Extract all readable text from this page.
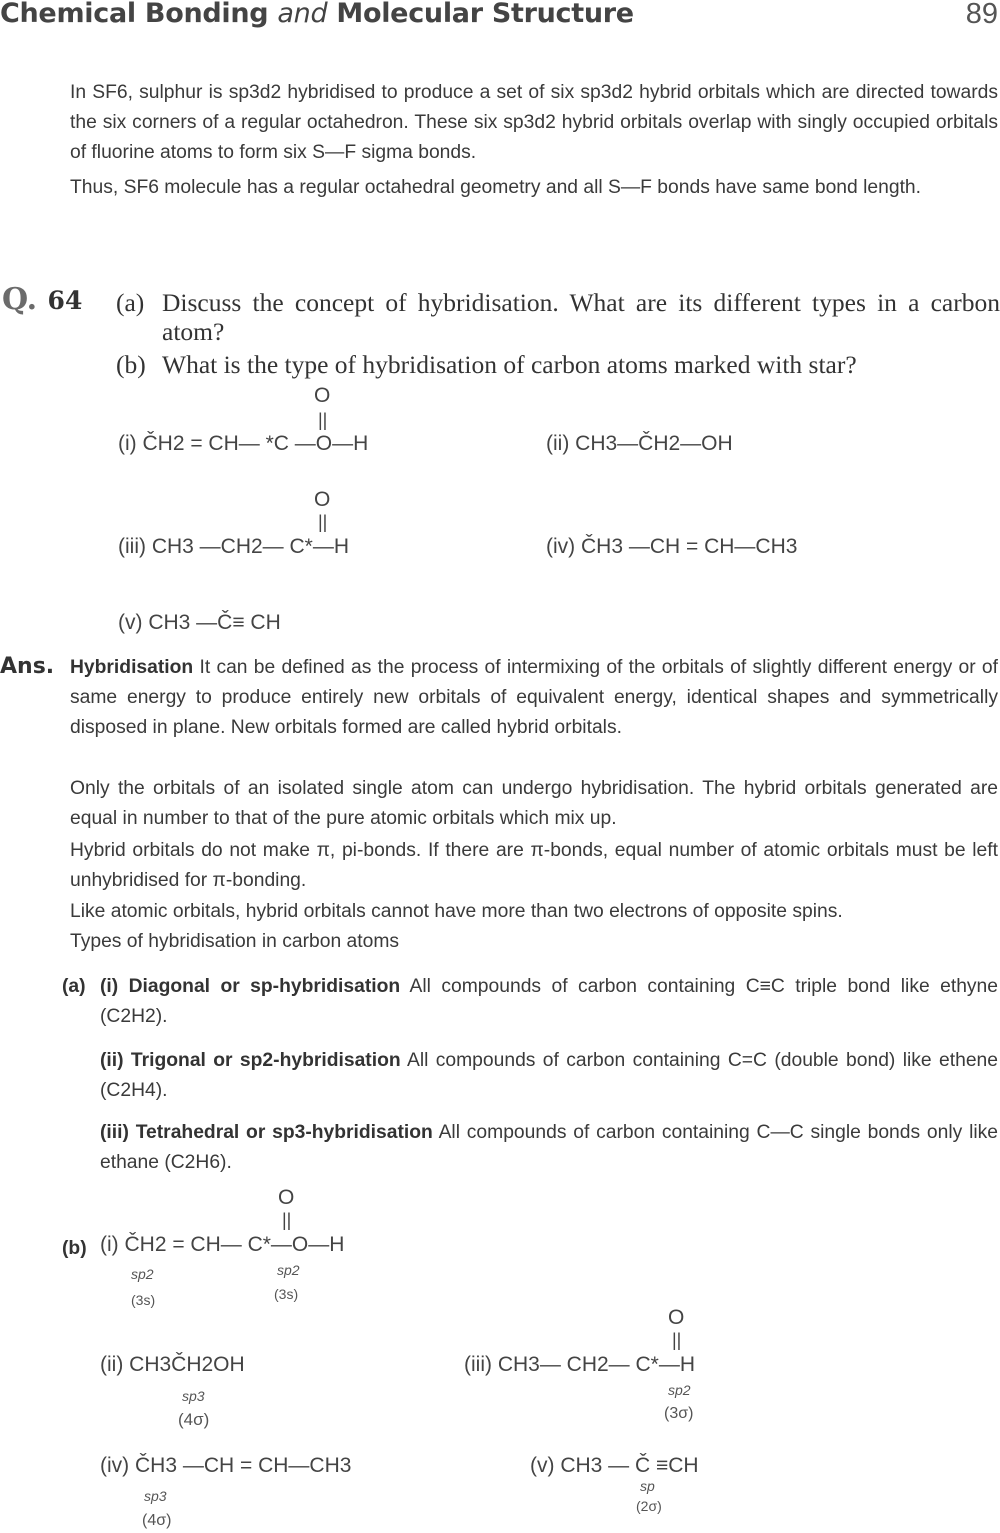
Chemical Bonding and Molecular Structure	89
In SF6, sulphur is sp3d2 hybridised to produce a set of six sp3d2 hybrid orbitals which are directed towards the six corners of a regular octahedron. These six sp3d2 hybrid orbitals overlap with singly occupied orbitals of fluorine atoms to form six S—F sigma bonds.
Thus, SF6 molecule has a regular octahedral geometry and all S—F bonds have same bond length.
Q. 64 (a) Discuss the concept of hybridisation. What are its different types in a carbon atom?
(b) What is the type of hybridisation of carbon atoms marked with star?
O
||
(i) ČH2 = CH— *C —O—H	(ii) CH3—ČH2—OH
O
||
(iii) CH3 —CH2— C*—H	(iv) ČH3 —CH = CH—CH3
(v) CH3 —Č≡ CH
Ans. Hybridisation It can be defined as the process of intermixing of the orbitals of slightly different energy or of same energy to produce entirely new orbitals of equivalent energy, identical shapes and symmetrically disposed in plane. New orbitals formed are called hybrid orbitals.
Only the orbitals of an isolated single atom can undergo hybridisation. The hybrid orbitals generated are equal in number to that of the pure atomic orbitals which mix up.
Hybrid orbitals do not make π, pi-bonds. If there are π-bonds, equal number of atomic orbitals must be left unhybridised for π-bonding.
Like atomic orbitals, hybrid orbitals cannot have more than two electrons of opposite spins.
Types of hybridisation in carbon atoms
(a) (i) Diagonal or sp-hybridisation All compounds of carbon containing C≡C triple bond like ethyne (C2H2).
(ii) Trigonal or sp2-hybridisation All compounds of carbon containing C=C (double bond) like ethene (C2H4).
(iii) Tetrahedral or sp3-hybridisation All compounds of carbon containing C—C single bonds only like ethane (C2H6).
O
||
(b) (i) ČH2 = CH— C*—O—H
sp2
(3s)
sp2
(3s)
(ii) CH3ČH2OH
sp3
(4σ)
O
||
(iii) CH3— CH2— C*—H
sp2
(3σ)
(iv) ČH3 —CH = CH—CH3
sp3
(4σ)
(v) CH3 — Č ≡CH
sp
(2σ)
